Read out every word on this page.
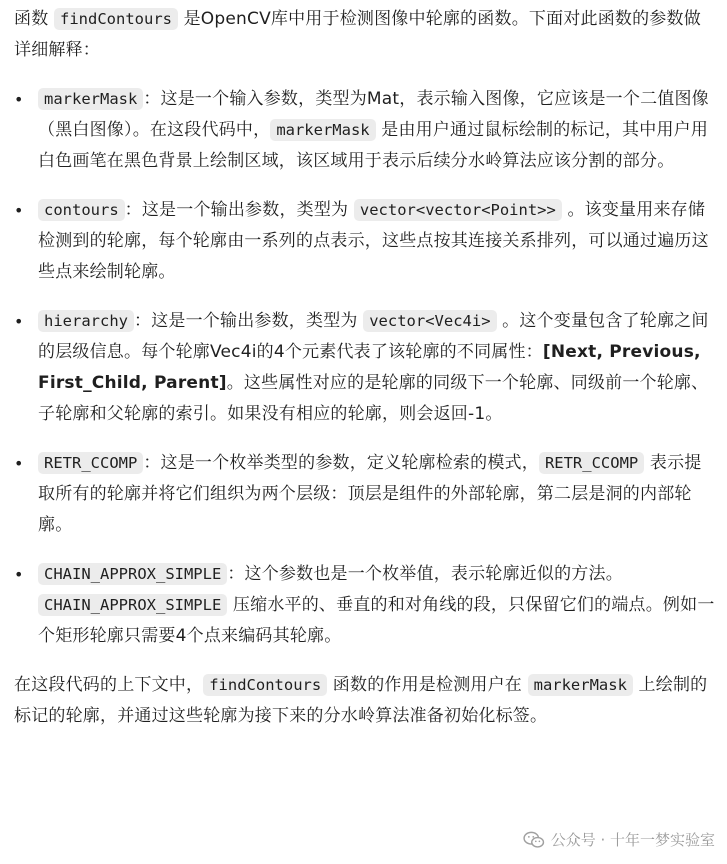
函数 findContours 是OpenCV库中用于检测图像中轮廓的函数。下面对此函数的参数做详细解释：

• markerMask ：这是一个输入参数，类型为Mat，表示输入图像，它应该是一个二值图像（黑白图像）。在这段代码中， markerMask 是由用户通过鼠标绘制的标记，其中用户用白色画笔在黑色背景上绘制区域，该区域用于表示后续分水岭算法应该分割的部分。
• contours ：这是一个输出参数，类型为 vector<vector<Point>> 。该变量用来存储检测到的轮廓，每个轮廓由一系列的点表示，这些点按其连接关系排列，可以通过遍历这些点来绘制轮廓。
• hierarchy ：这是一个输出参数，类型为 vector<Vec4i> 。这个变量包含了轮廓之间的层级信息。每个轮廓Vec4i的4个元素代表了该轮廓的不同属性：[Next, Previous, First_Child, Parent]。这些属性对应的是轮廓的同级下一个轮廓、同级前一个轮廓、子轮廓和父轮廓的索引。如果没有相应的轮廓，则会返回-1。
• RETR_CCOMP ：这是一个枚举类型的参数，定义轮廓检索的模式， RETR_CCOMP 表示提取所有的轮廓并将它们组织为两个层级：顶层是组件的外部轮廓，第二层是洞的内部轮廓。
• CHAIN_APPROX_SIMPLE ：这个参数也是一个枚举值，表示轮廓近似的方法。CHAIN_APPROX_SIMPLE 压缩水平的、垂直的和对角线的段，只保留它们的端点。例如一个矩形轮廓只需要4个点来编码其轮廓。

在这段代码的上下文中， findContours 函数的作用是检测用户在 markerMask 上绘制的标记的轮廓，并通过这些轮廓为接下来的分水岭算法准备初始化标签。

公众号 · 十年一梦实验室
